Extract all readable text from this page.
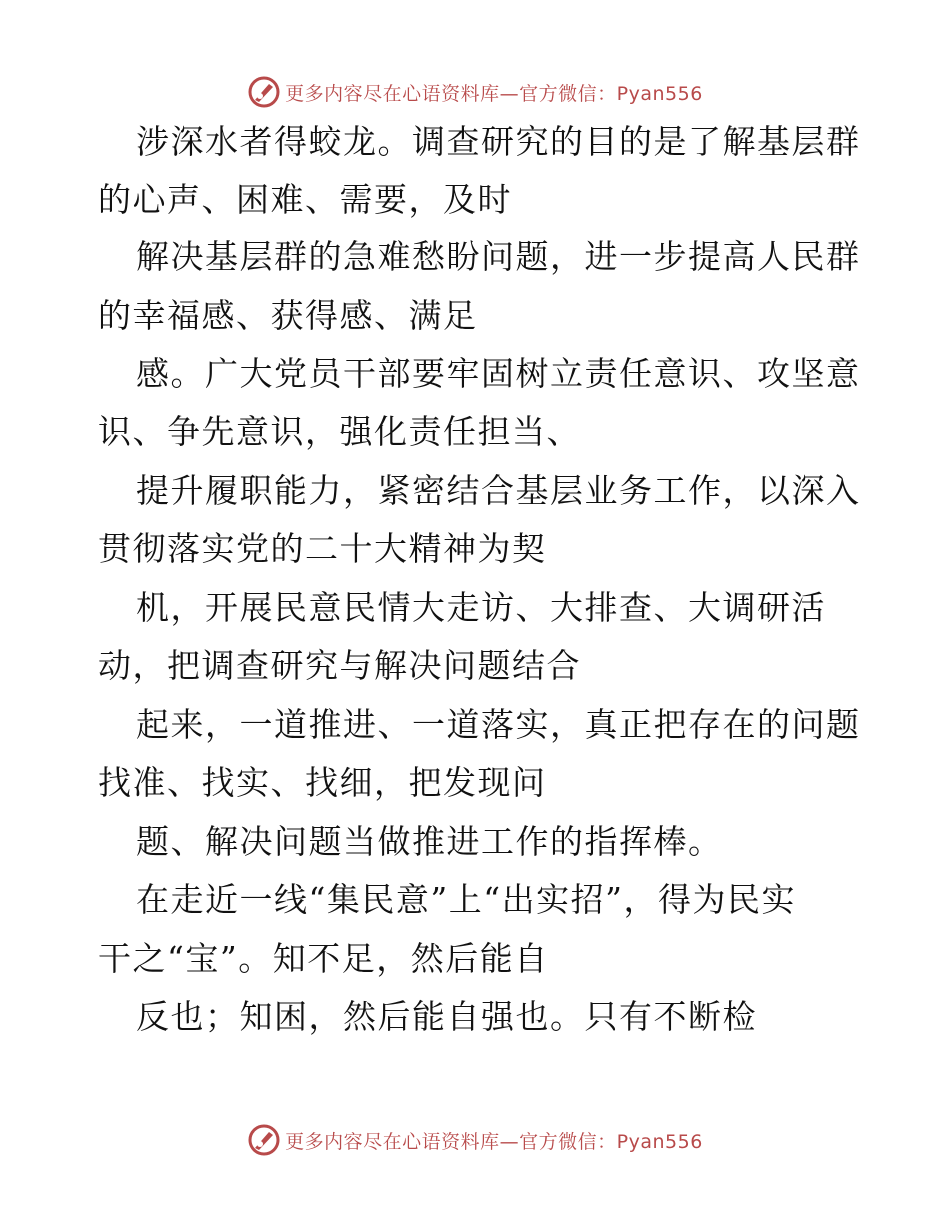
更多内容尽在心语资料库—官方微信：Pyan556
涉深水者得蛟龙。调查研究的目的是了解基层群
的心声、困难、需要，及时
解决基层群的急难愁盼问题，进一步提高人民群
的幸福感、获得感、满足
感。广大党员干部要牢固树立责任意识、攻坚意
识、争先意识，强化责任担当、
提升履职能力，紧密结合基层业务工作，以深入
贯彻落实党的二十大精神为契
机，开展民意民情大走访、大排查、大调研活
动，把调查研究与解决问题结合
起来，一道推进、一道落实，真正把存在的问题
找准、找实、找细，把发现问
题、解决问题当做推进工作的指挥棒。
在走近一线“集民意”上“出实招”，得为民实
干之“宝”。知不足，然后能自
反也；知困，然后能自强也。只有不断检
更多内容尽在心语资料库—官方微信：Pyan556
